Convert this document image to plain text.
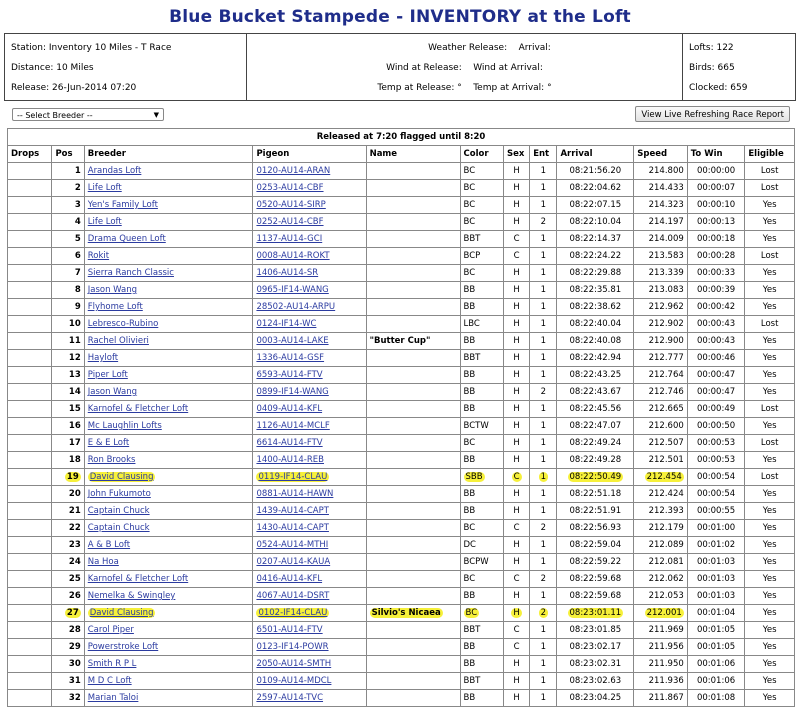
Blue Bucket Stampede - INVENTORY at the Loft
Station: Inventory 10 Miles - T Race
Distance: 10 Miles
Release: 26-Jun-2014 07:20
Weather Release: Arrival:
Wind at Release: Wind at Arrival:
Temp at Release: ° Temp at Arrival: °
Lofts: 122
Birds: 665
Clocked: 659
-- Select Breeder --	▼	View Live Refreshing Race Report
Released at 7:20 flagged until 8:20											
Drops	Pos	Breeder	Pigeon	Name	Color	Sex	Ent	Arrival	Speed	To Win	Eligible
	1	Arandas Loft	0120-AU14-ARAN		BC	H	1	08:21:56.20	214.800	00:00:00	Lost
	2	Life Loft	0253-AU14-CBF		BC	H	1	08:22:04.62	214.433	00:00:07	Lost
	3	Yen's Family Loft	0520-AU14-SIRP		BC	H	1	08:22:07.15	214.323	00:00:10	Yes
	4	Life Loft	0252-AU14-CBF		BC	H	2	08:22:10.04	214.197	00:00:13	Yes
	5	Drama Queen Loft	1137-AU14-GCI		BBT	C	1	08:22:14.37	214.009	00:00:18	Yes
	6	Rokit	0008-AU14-ROKT		BCP	C	1	08:22:24.22	213.583	00:00:28	Lost
	7	Sierra Ranch Classic	1406-AU14-SR		BC	H	1	08:22:29.88	213.339	00:00:33	Yes
	8	Jason Wang	0965-IF14-WANG		BB	H	1	08:22:35.81	213.083	00:00:39	Yes
	9	Flyhome Loft	28502-AU14-ARPU		BB	H	1	08:22:38.62	212.962	00:00:42	Yes
	10	Lebresco-Rubino	0124-IF14-WC		LBC	H	1	08:22:40.04	212.902	00:00:43	Lost
	11	Rachel Olivieri	0003-AU14-LAKE	"Butter Cup"	BB	H	1	08:22:40.08	212.900	00:00:43	Yes
	12	Hayloft	1336-AU14-GSF		BBT	H	1	08:22:42.94	212.777	00:00:46	Yes
	13	Piper Loft	6593-AU14-FTV		BB	H	1	08:22:43.25	212.764	00:00:47	Yes
	14	Jason Wang	0899-IF14-WANG		BB	H	2	08:22:43.67	212.746	00:00:47	Yes
	15	Karnofel & Fletcher Loft	0409-AU14-KFL		BB	H	1	08:22:45.56	212.665	00:00:49	Lost
	16	Mc Laughlin Lofts	1126-AU14-MCLF		BCTW	H	1	08:22:47.07	212.600	00:00:50	Yes
	17	E & E Loft	6614-AU14-FTV		BC	H	1	08:22:49.24	212.507	00:00:53	Lost
	18	Ron Brooks	1400-AU14-REB		BB	H	1	08:22:49.28	212.501	00:00:53	Yes
	19	David Clausing	0119-IF14-CLAU		SBB	C	1	08:22:50.49	212.454	00:00:54	Lost
	20	John Fukumoto	0881-AU14-HAWN		BB	H	1	08:22:51.18	212.424	00:00:54	Yes
	21	Captain Chuck	1439-AU14-CAPT		BB	H	1	08:22:51.91	212.393	00:00:55	Yes
	22	Captain Chuck	1430-AU14-CAPT		BC	C	2	08:22:56.93	212.179	00:01:00	Yes
	23	A & B Loft	0524-AU14-MTHI		DC	H	1	08:22:59.04	212.089	00:01:02	Yes
	24	Na Hoa	0207-AU14-KAUA		BCPW	H	1	08:22:59.22	212.081	00:01:03	Yes
	25	Karnofel & Fletcher Loft	0416-AU14-KFL		BC	C	2	08:22:59.68	212.062	00:01:03	Yes
	26	Nemelka & Swingley	4067-AU14-DSRT		BB	H	1	08:22:59.68	212.053	00:01:03	Yes
	27	David Clausing	0102-IF14-CLAU	Silvio's Nicaea	BC	H	2	08:23:01.11	212.001	00:01:04	Yes
	28	Carol Piper	6501-AU14-FTV		BBT	C	1	08:23:01.85	211.969	00:01:05	Yes
	29	Powerstroke Loft	0123-IF14-POWR		BB	C	1	08:23:02.17	211.956	00:01:05	Yes
	30	Smith R P L	2050-AU14-SMTH		BB	H	1	08:23:02.31	211.950	00:01:06	Yes
	31	M D C Loft	0109-AU14-MDCL		BBT	H	1	08:23:02.63	211.936	00:01:06	Yes
	32	Marian Taloi	2597-AU14-TVC		BB	H	1	08:23:04.25	211.867	00:01:08	Yes
